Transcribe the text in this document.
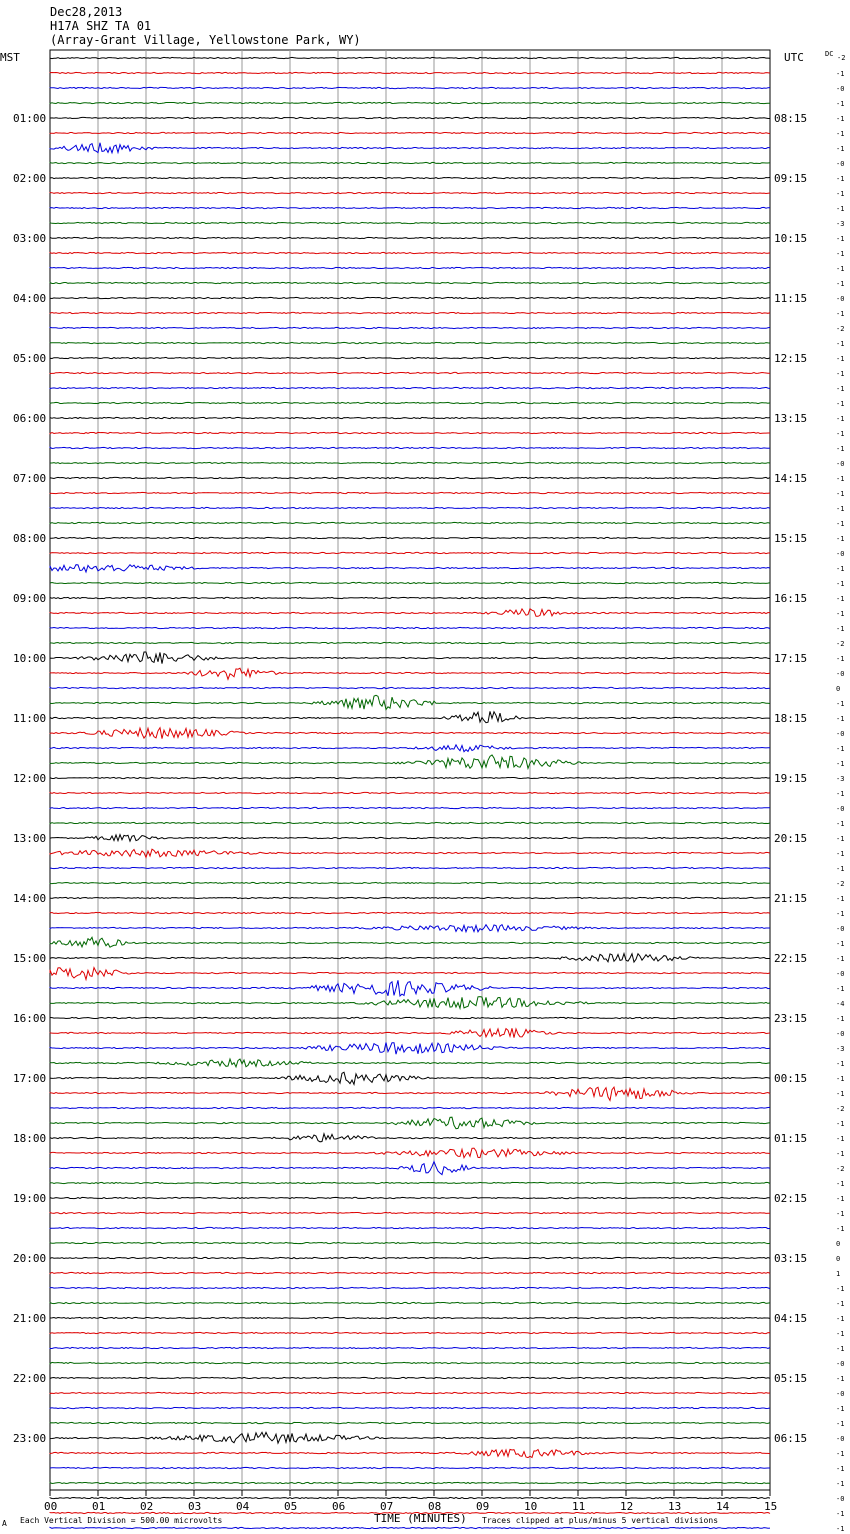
Dec28,2013
H17A SHZ TA 01
(Array-Grant Village, Yellowstone Park, WY)
MST	UTC	DC -2
01:00
02:00
03:00
04:00
05:00
06:00
07:00
08:00
09:00
10:00
11:00
12:00
13:00
14:00
15:00
16:00
17:00
18:00
19:00
20:00
21:00
22:00
23:00
08:15
09:15
10:15
11:15
12:15
13:15
14:15
15:15
16:15
17:15
18:15
19:15
20:15
21:15
22:15
23:15
00:15
01:15
02:15
03:15
04:15
05:15
06:15
-1
-0
-1
-1
-1
-1
-0
-1
-1
-1
-3
-1
-1
-1
-1
-0
-1
-2
-1
-1
-1
-1
-1
-1
-1
-1
-0
-1
-1
-1
-1
-1
-0
-1
-1
-1
-1
-1
-2
-1
-0
0
-1
-1
-0
-1
-1
-3
-1
-0
-1
-1
-1
-1
-2
-1
-1
-0
-1
-1
-0
-1
-4
-1
-0
-3
-1
-1
-1
-2
-1
-1
-1
-2
-1
-1
-1
-1
0
0
1
-1
-1
-1
-1
-1
-0
-1
-0
-1
-1
-0
-1
-1
-1
-0
-1
-1
00	01	02	03	04	05	06	07	08	09	10	11	12	13	14	15
TIME (MINUTES)
A Each Vertical Division = 500.00 microvolts	Traces clipped at plus/minus 5 vertical divisions
